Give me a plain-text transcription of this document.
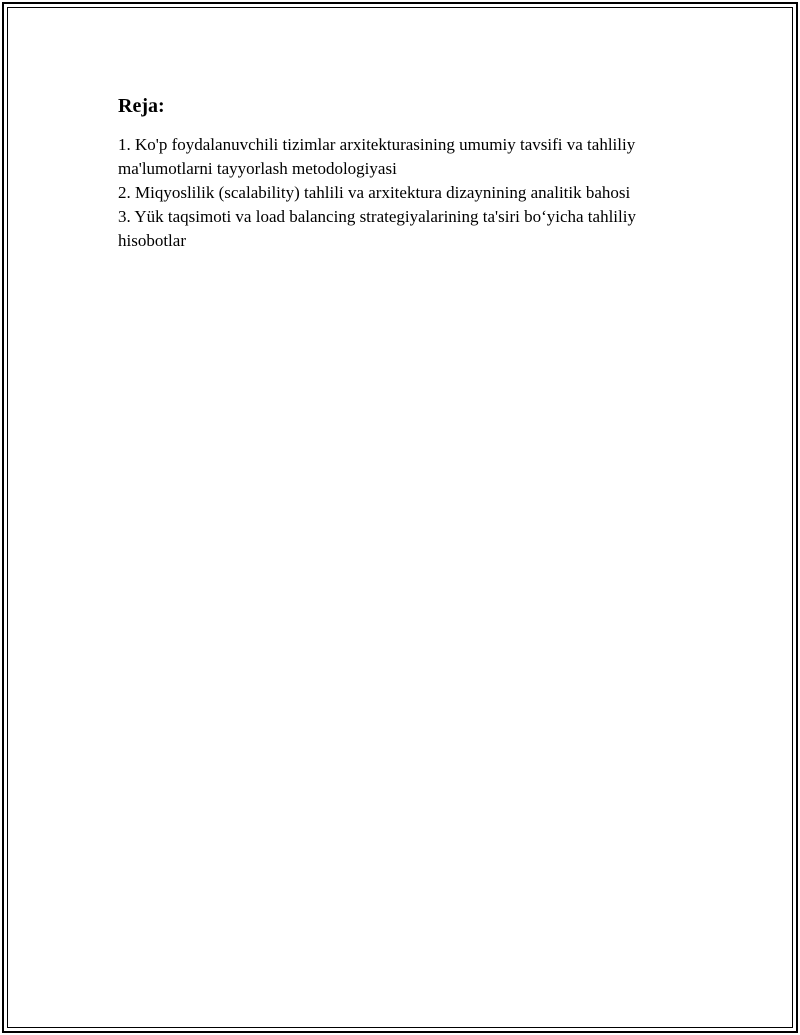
Reja:
1. Ko'p foydalanuvchili tizimlar arxitekturasining umumiy tavsifi va tahliliy ma'lumotlarni tayyorlash metodologiyasi
2. Miqyoslilik (scalability) tahlili va arxitektura dizaynining analitik bahosi
3. Yük taqsimoti va load balancing strategiyalarining ta'siri bo‘yicha tahliliy hisobotlar
